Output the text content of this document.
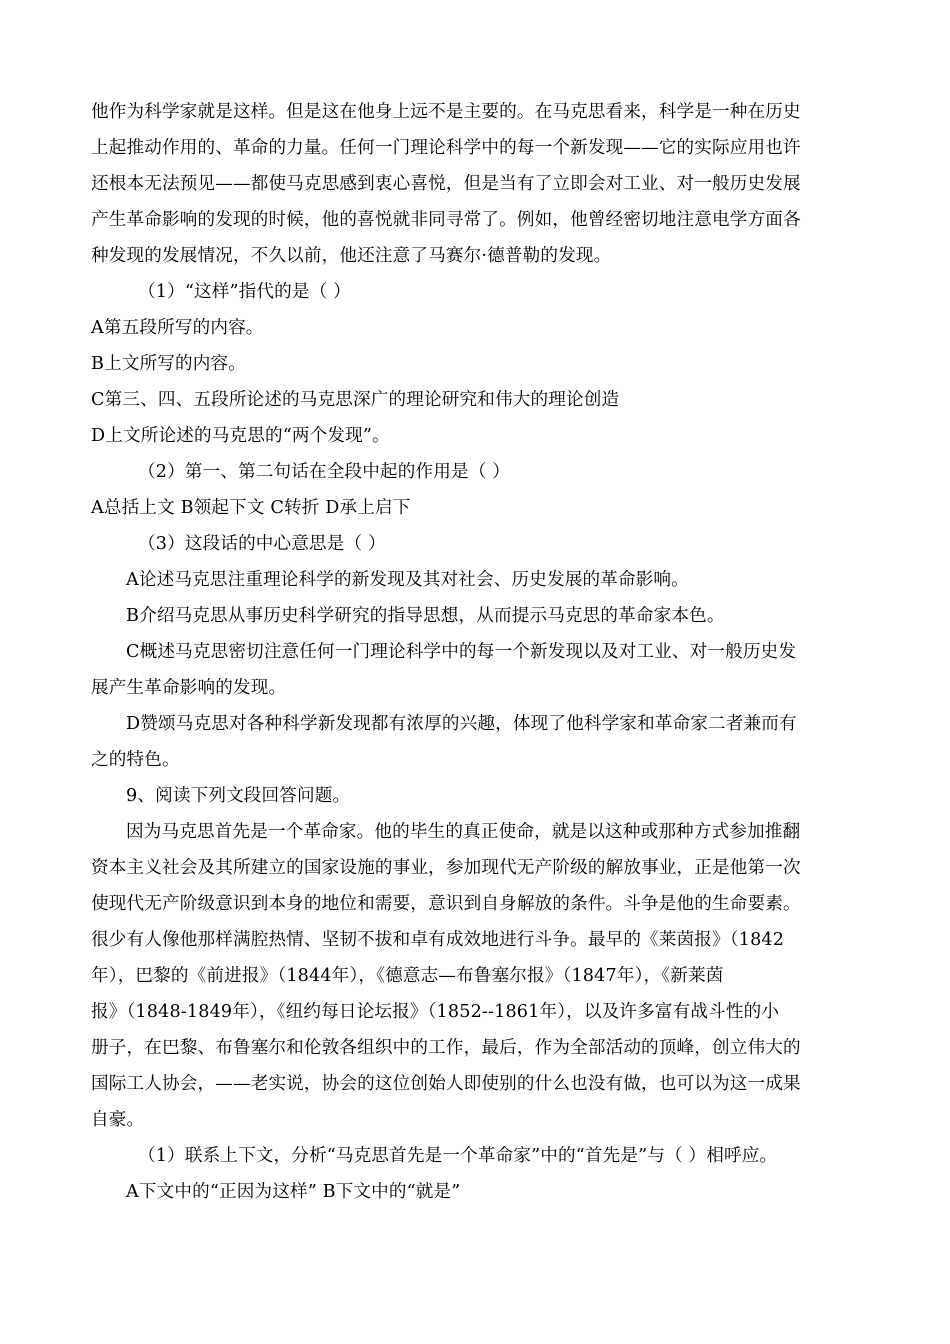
他作为科学家就是这样。但是这在他身上远不是主要的。在马克思看来，科学是一种在历史
上起推动作用的、革命的力量。任何一门理论科学中的每一个新发现——它的实际应用也许
还根本无法预见——都使马克思感到衷心喜悦，但是当有了立即会对工业、对一般历史发展
产生革命影响的发现的时候，他的喜悦就非同寻常了。例如，他曾经密切地注意电学方面各
种发现的发展情况，不久以前，他还注意了马赛尔·德普勒的发现。
（1）“这样”指代的是（ ）
A第五段所写的内容。
B上文所写的内容。
C第三、四、五段所论述的马克思深广的理论研究和伟大的理论创造
D上文所论述的马克思的“两个发现”。
（2）第一、第二句话在全段中起的作用是（ ）
A总括上文 B领起下文 C转折 D承上启下
（3）这段话的中心意思是（ ）
A论述马克思注重理论科学的新发现及其对社会、历史发展的革命影响。
B介绍马克思从事历史科学研究的指导思想，从而提示马克思的革命家本色。
C概述马克思密切注意任何一门理论科学中的每一个新发现以及对工业、对一般历史发
展产生革命影响的发现。
D赞颂马克思对各种科学新发现都有浓厚的兴趣，体现了他科学家和革命家二者兼而有
之的特色。
9、阅读下列文段回答问题。
因为马克思首先是一个革命家。他的毕生的真正使命，就是以这种或那种方式参加推翻
资本主义社会及其所建立的国家设施的事业，参加现代无产阶级的解放事业，正是他第一次
使现代无产阶级意识到本身的地位和需要，意识到自身解放的条件。斗争是他的生命要素。
很少有人像他那样满腔热情、坚韧不拔和卓有成效地进行斗争。最早的《莱茵报》（1842
年），巴黎的《前进报》（1844年），《德意志—布鲁塞尔报》（1847年），《新莱茵
报》（1848-1849年），《纽约每日论坛报》（1852--1861年），以及许多富有战斗性的小
册子，在巴黎、布鲁塞尔和伦敦各组织中的工作，最后，作为全部活动的顶峰，创立伟大的
国际工人协会，——老实说，协会的这位创始人即使别的什么也没有做，也可以为这一成果
自豪。
（1）联系上下文，分析“马克思首先是一个革命家”中的“首先是”与（ ）相呼应。
A下文中的“正因为这样” B下文中的“就是”
